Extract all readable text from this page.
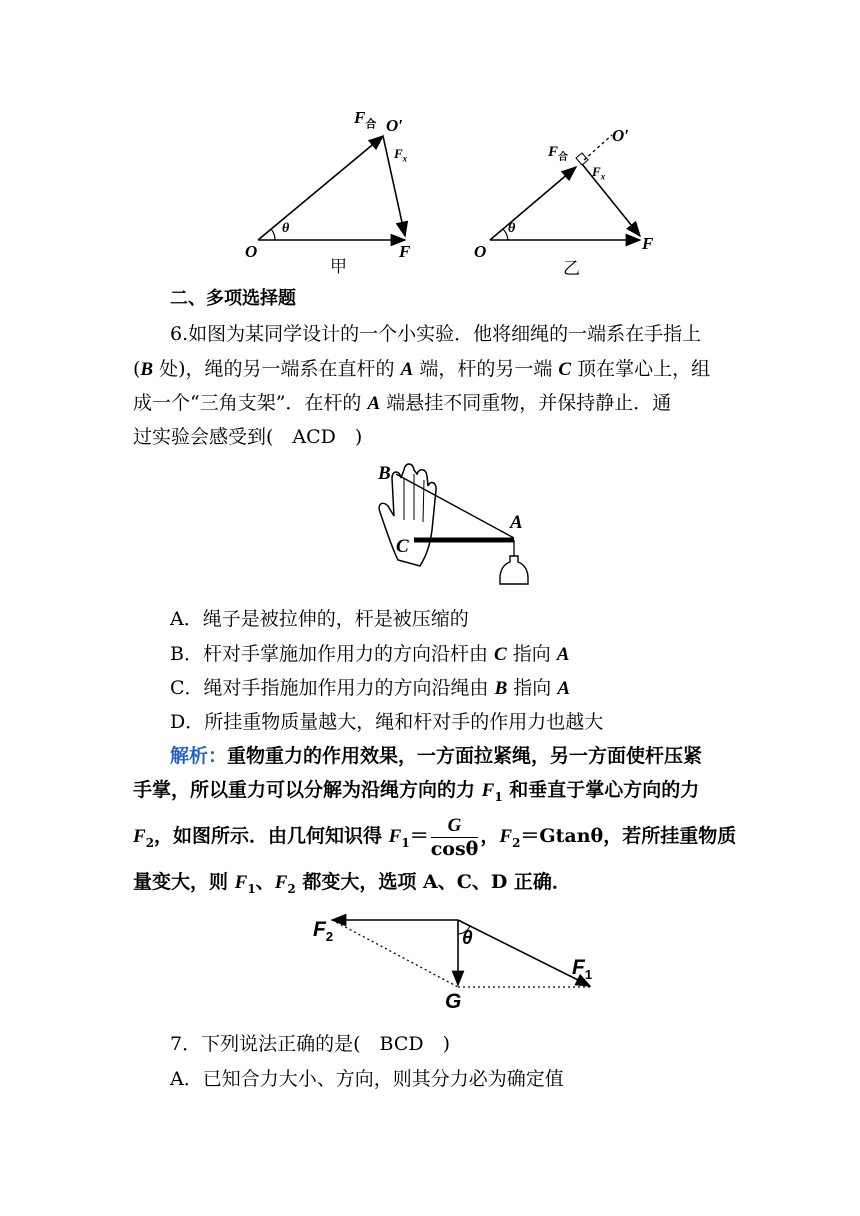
$F_合$ O′
$F_x$
θ
O	F
甲
$F_合$
O′
$F_x$
θ
O	F
乙
二、多项选择题
6.如图为某同学设计的一个小实验．他将细绳的一端系在手指上
(B 处)，绳的另一端系在直杆的 A 端，杆的另一端 C 顶在掌心上，组
成一个“三角支架”．在杆的 A 端悬挂不同重物，并保持静止．通
过实验会感受到(　ACD　)
B
A
C
A．绳子是被拉伸的，杆是被压缩的
B．杆对手掌施加作用力的方向沿杆由 C 指向 A
C．绳对手指施加作用力的方向沿绳由 B 指向 A
D．所挂重物质量越大，绳和杆对手的作用力也越大
解析：重物重力的作用效果，一方面拉紧绳，另一方面使杆压紧
手掌，所以重力可以分解为沿绳方向的力 $F_1$ 和垂直于掌心方向的力
$F_2$，如图所示．由几何知识得 $F_1= \frac{G}{\cos\theta}$ ，$F_2=Gtan\theta$，若所挂重物质
量变大，则 $F_1$、$F_2$ 都变大，选项 A、C、D 正确．
$F_2$	θ
$F_1$
G
7．下列说法正确的是(　BCD　)
A．已知合力大小、方向，则其分力必为确定值
